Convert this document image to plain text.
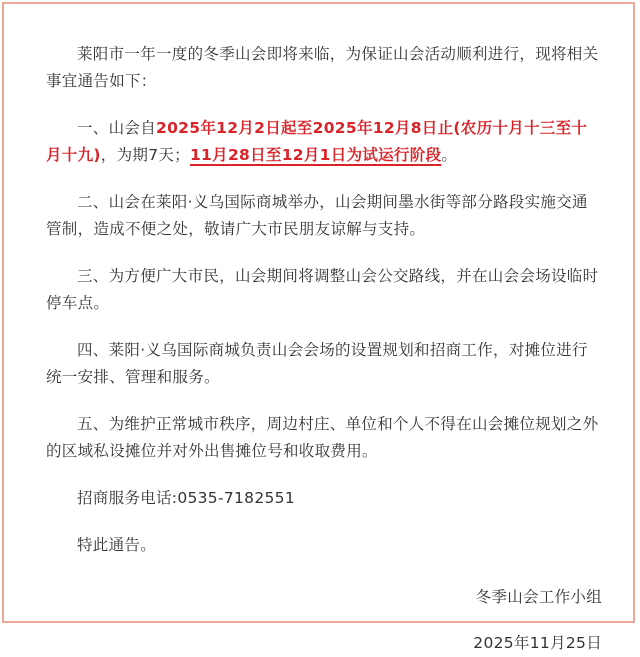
莱阳市一年一度的冬季山会即将来临，为保证山会活动顺利进行，现将相关事宜通告如下：

一、山会自2025年12月2日起至2025年12月8日止(农历十月十三至十月十九)，为期7天；11月28日至12月1日为试运行阶段。

二、山会在莱阳·义乌国际商城举办，山会期间墨水街等部分路段实施交通管制，造成不便之处，敬请广大市民朋友谅解与支持。

三、为方便广大市民，山会期间将调整山会公交路线，并在山会会场设临时停车点。

四、莱阳·义乌国际商城负责山会会场的设置规划和招商工作，对摊位进行统一安排、管理和服务。

五、为维护正常城市秩序，周边村庄、单位和个人不得在山会摊位规划之外的区域私设摊位并对外出售摊位号和收取费用。

招商服务电话:0535-7182551

特此通告。

冬季山会工作小组

2025年11月25日
